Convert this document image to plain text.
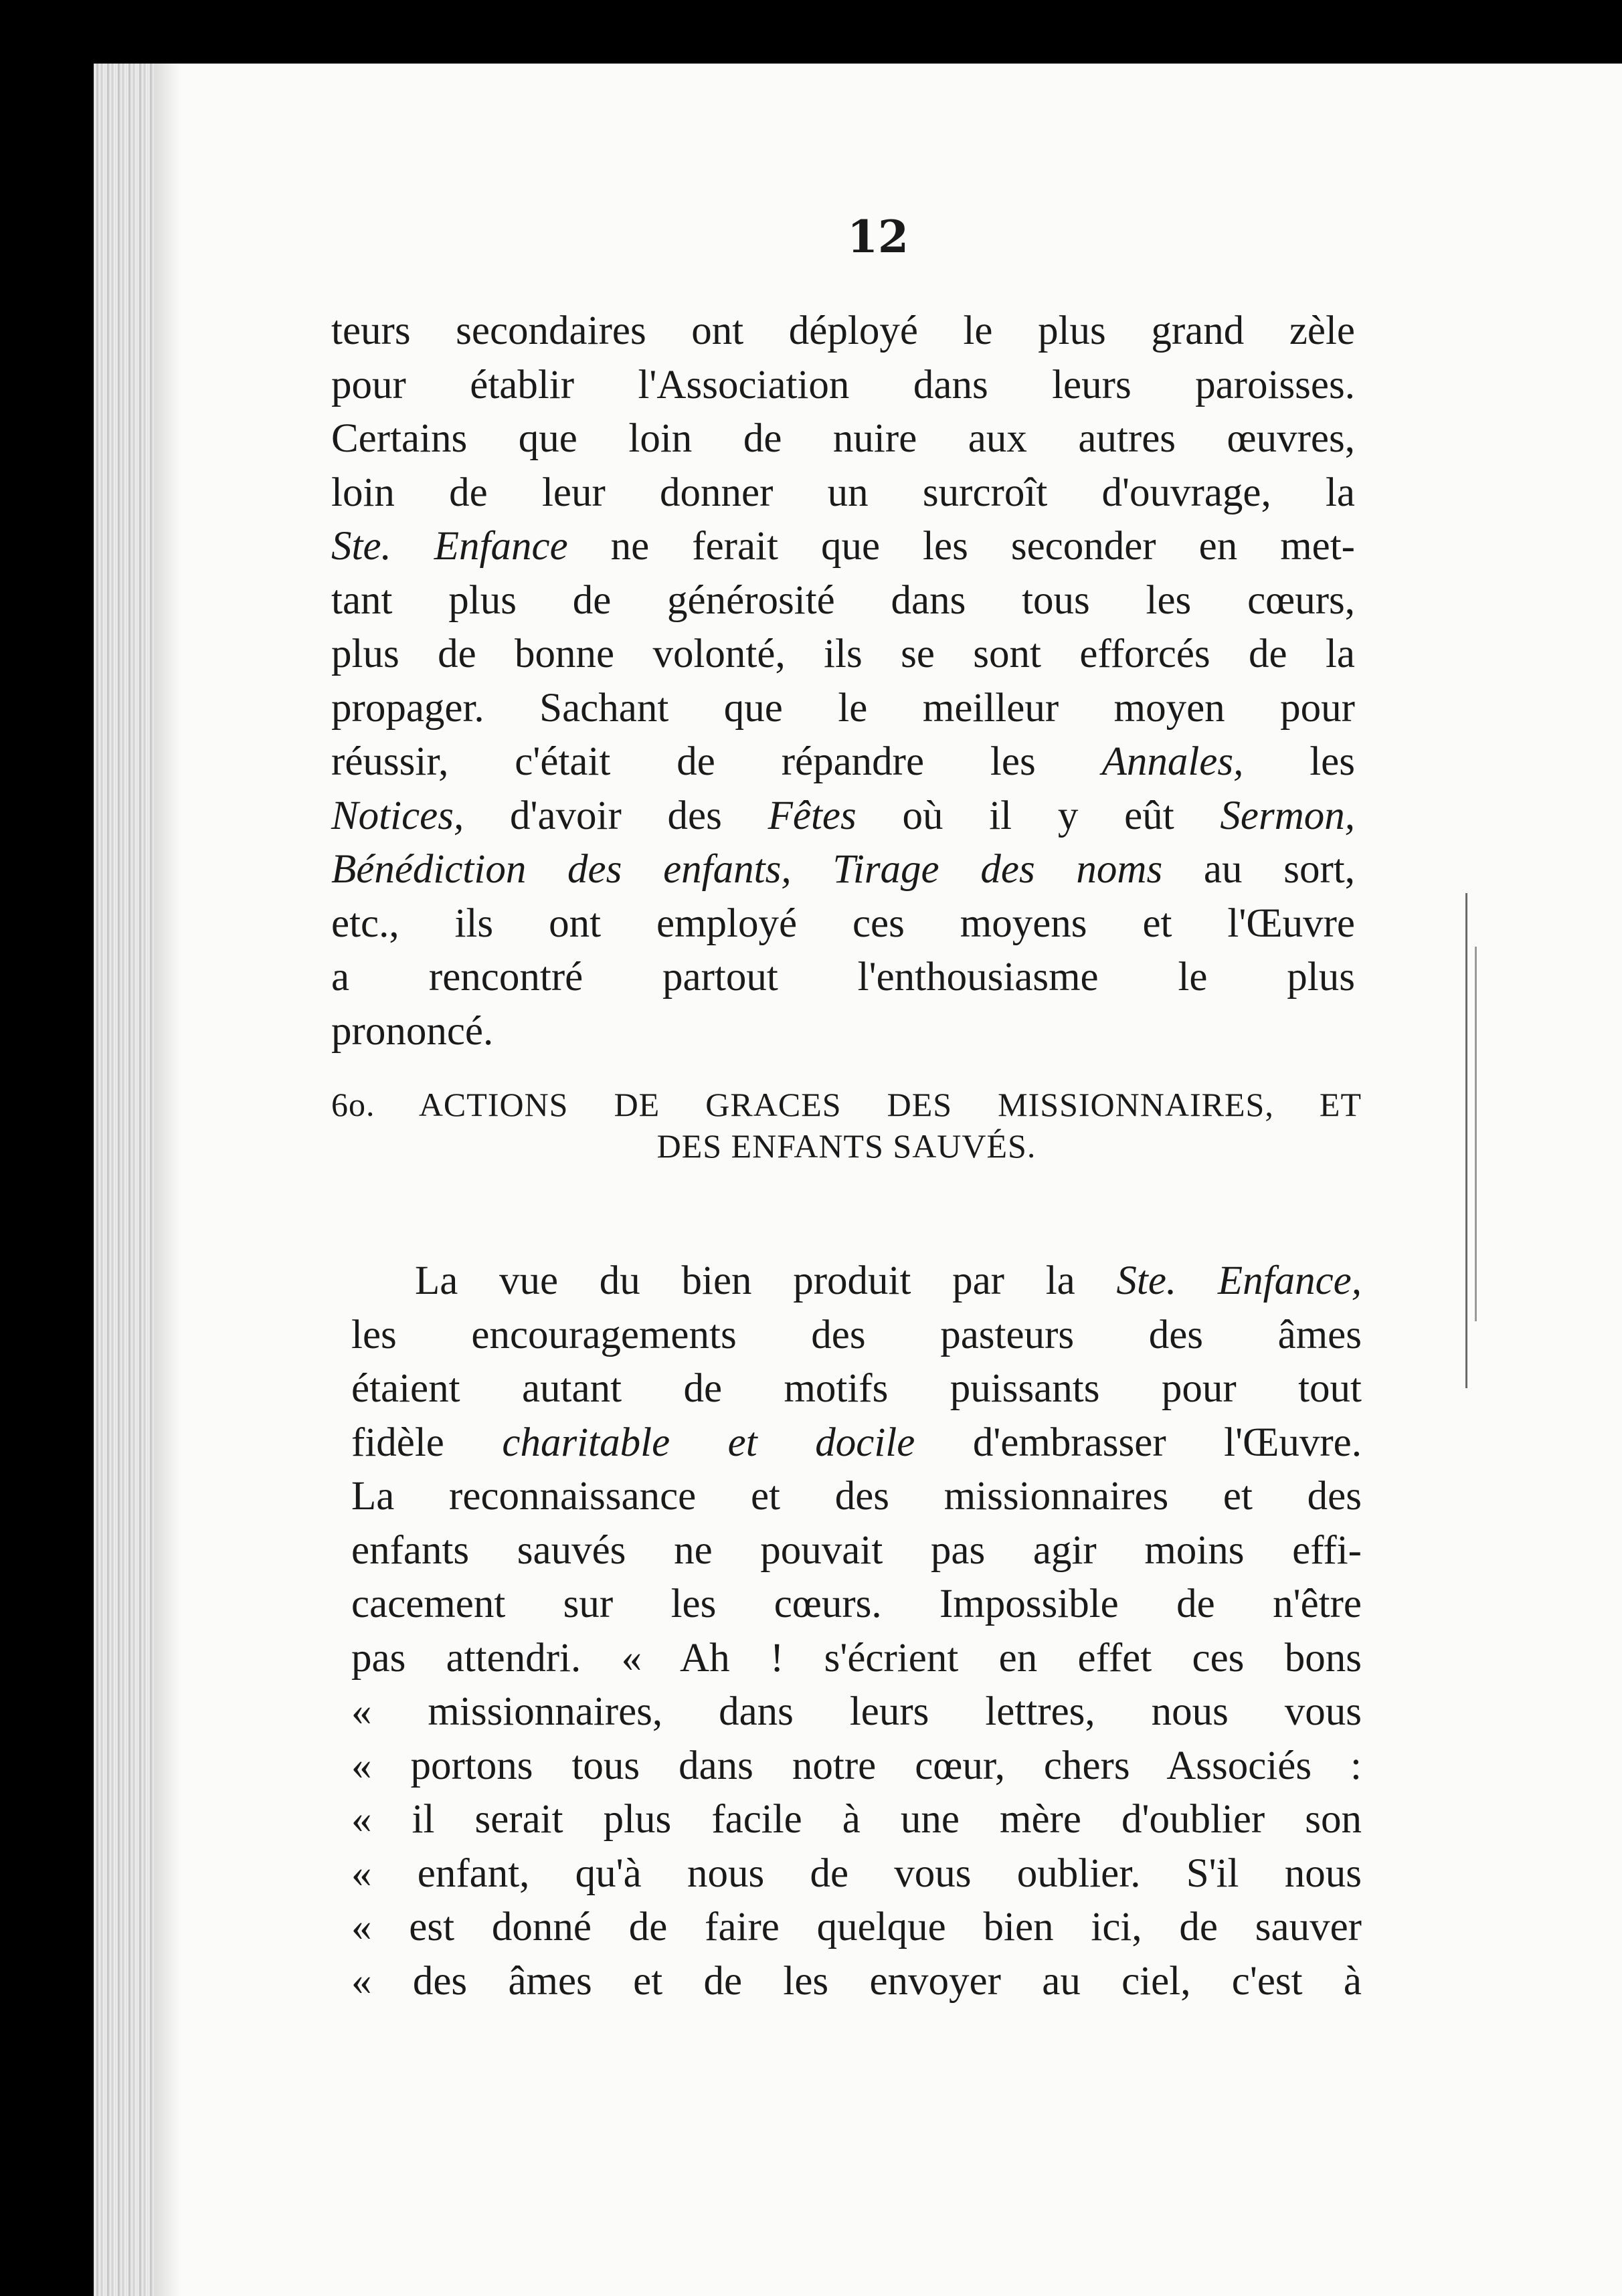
12
teurs secondaires ont déployé le plus grand zèle
pour établir l'Association dans leurs paroisses.
Certains que loin de nuire aux autres œuvres,
loin de leur donner un surcroît d'ouvrage, la
Ste. Enfance ne ferait que les seconder en met-
tant plus de générosité dans tous les cœurs,
plus de bonne volonté, ils se sont efforcés de la
propager. Sachant que le meilleur moyen pour
réussir, c'était de répandre les Annales, les
Notices, d'avoir des Fêtes où il y eût Sermon,
Bénédiction des enfants, Tirage des noms au sort,
etc., ils ont employé ces moyens et l'Œuvre
a rencontré partout l'enthousiasme le plus
prononcé.
6o. ACTIONS DE GRACES DES MISSIONNAIRES, ET
DES ENFANTS SAUVÉS.
La vue du bien produit par la Ste. Enfance,
les encouragements des pasteurs des âmes
étaient autant de motifs puissants pour tout
fidèle charitable et docile d'embrasser l'Œuvre.
La reconnaissance et des missionnaires et des
enfants sauvés ne pouvait pas agir moins effi-
cacement sur les cœurs. Impossible de n'être
pas attendri. « Ah ! s'écrient en effet ces bons
« missionnaires, dans leurs lettres, nous vous
« portons tous dans notre cœur, chers Associés :
« il serait plus facile à une mère d'oublier son
« enfant, qu'à nous de vous oublier. S'il nous
« est donné de faire quelque bien ici, de sauver
« des âmes et de les envoyer au ciel, c'est à
